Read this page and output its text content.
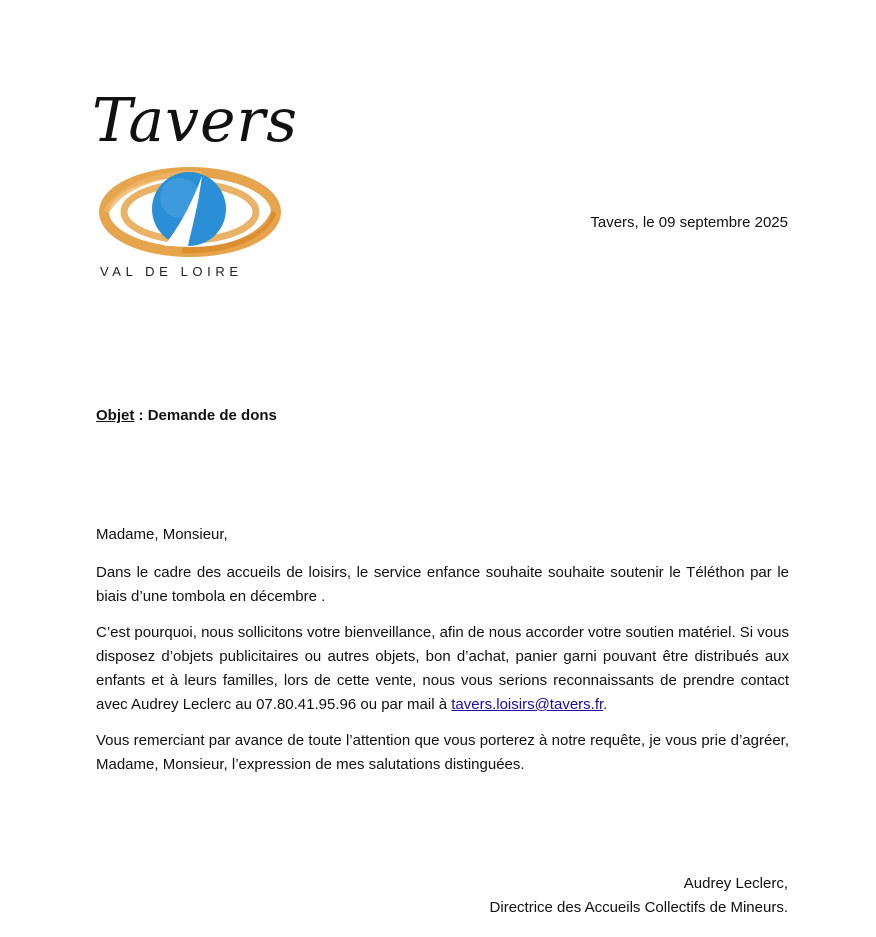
Tavers
VAL DE LOIRE
Tavers, le 09 septembre 2025
Objet : Demande de dons

Madame, Monsieur,

Dans le cadre des accueils de loisirs, le service enfance souhaite souhaite soutenir le Téléthon par le biais d’une tombola en décembre .

C’est pourquoi, nous sollicitons votre bienveillance, afin de nous accorder votre soutien matériel. Si vous disposez d’objets publicitaires ou autres objets, bon d’achat, panier garni pouvant être distribués aux enfants et à leurs familles, lors de cette vente, nous vous serions reconnaissants de prendre contact avec Audrey Leclerc au 07.80.41.95.96 ou par mail à tavers.loisirs@tavers.fr.

Vous remerciant par avance de toute l’attention que vous porterez à notre requête, je vous prie d’agréer, Madame, Monsieur, l’expression de mes salutations distinguées.

Audrey Leclerc,
Directrice des Accueils Collectifs de Mineurs.
